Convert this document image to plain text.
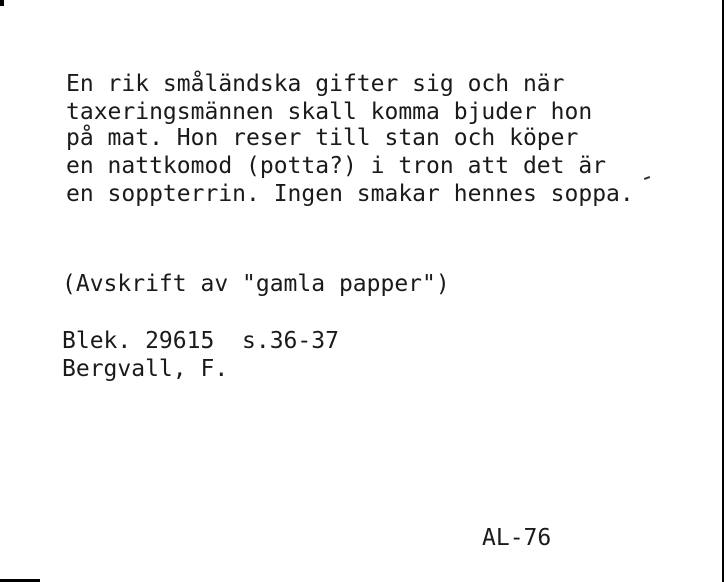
En rik småländska gifter sig och när
taxeringsmännen skall komma bjuder hon
på mat. Hon reser till stan och köper
en nattkomod (potta?) i tron att det är
en soppterrin. Ingen smakar hennes soppa.
(Avskrift av "gamla papper")
Blek. 29615  s.36-37
Bergvall, F.
AL-76
